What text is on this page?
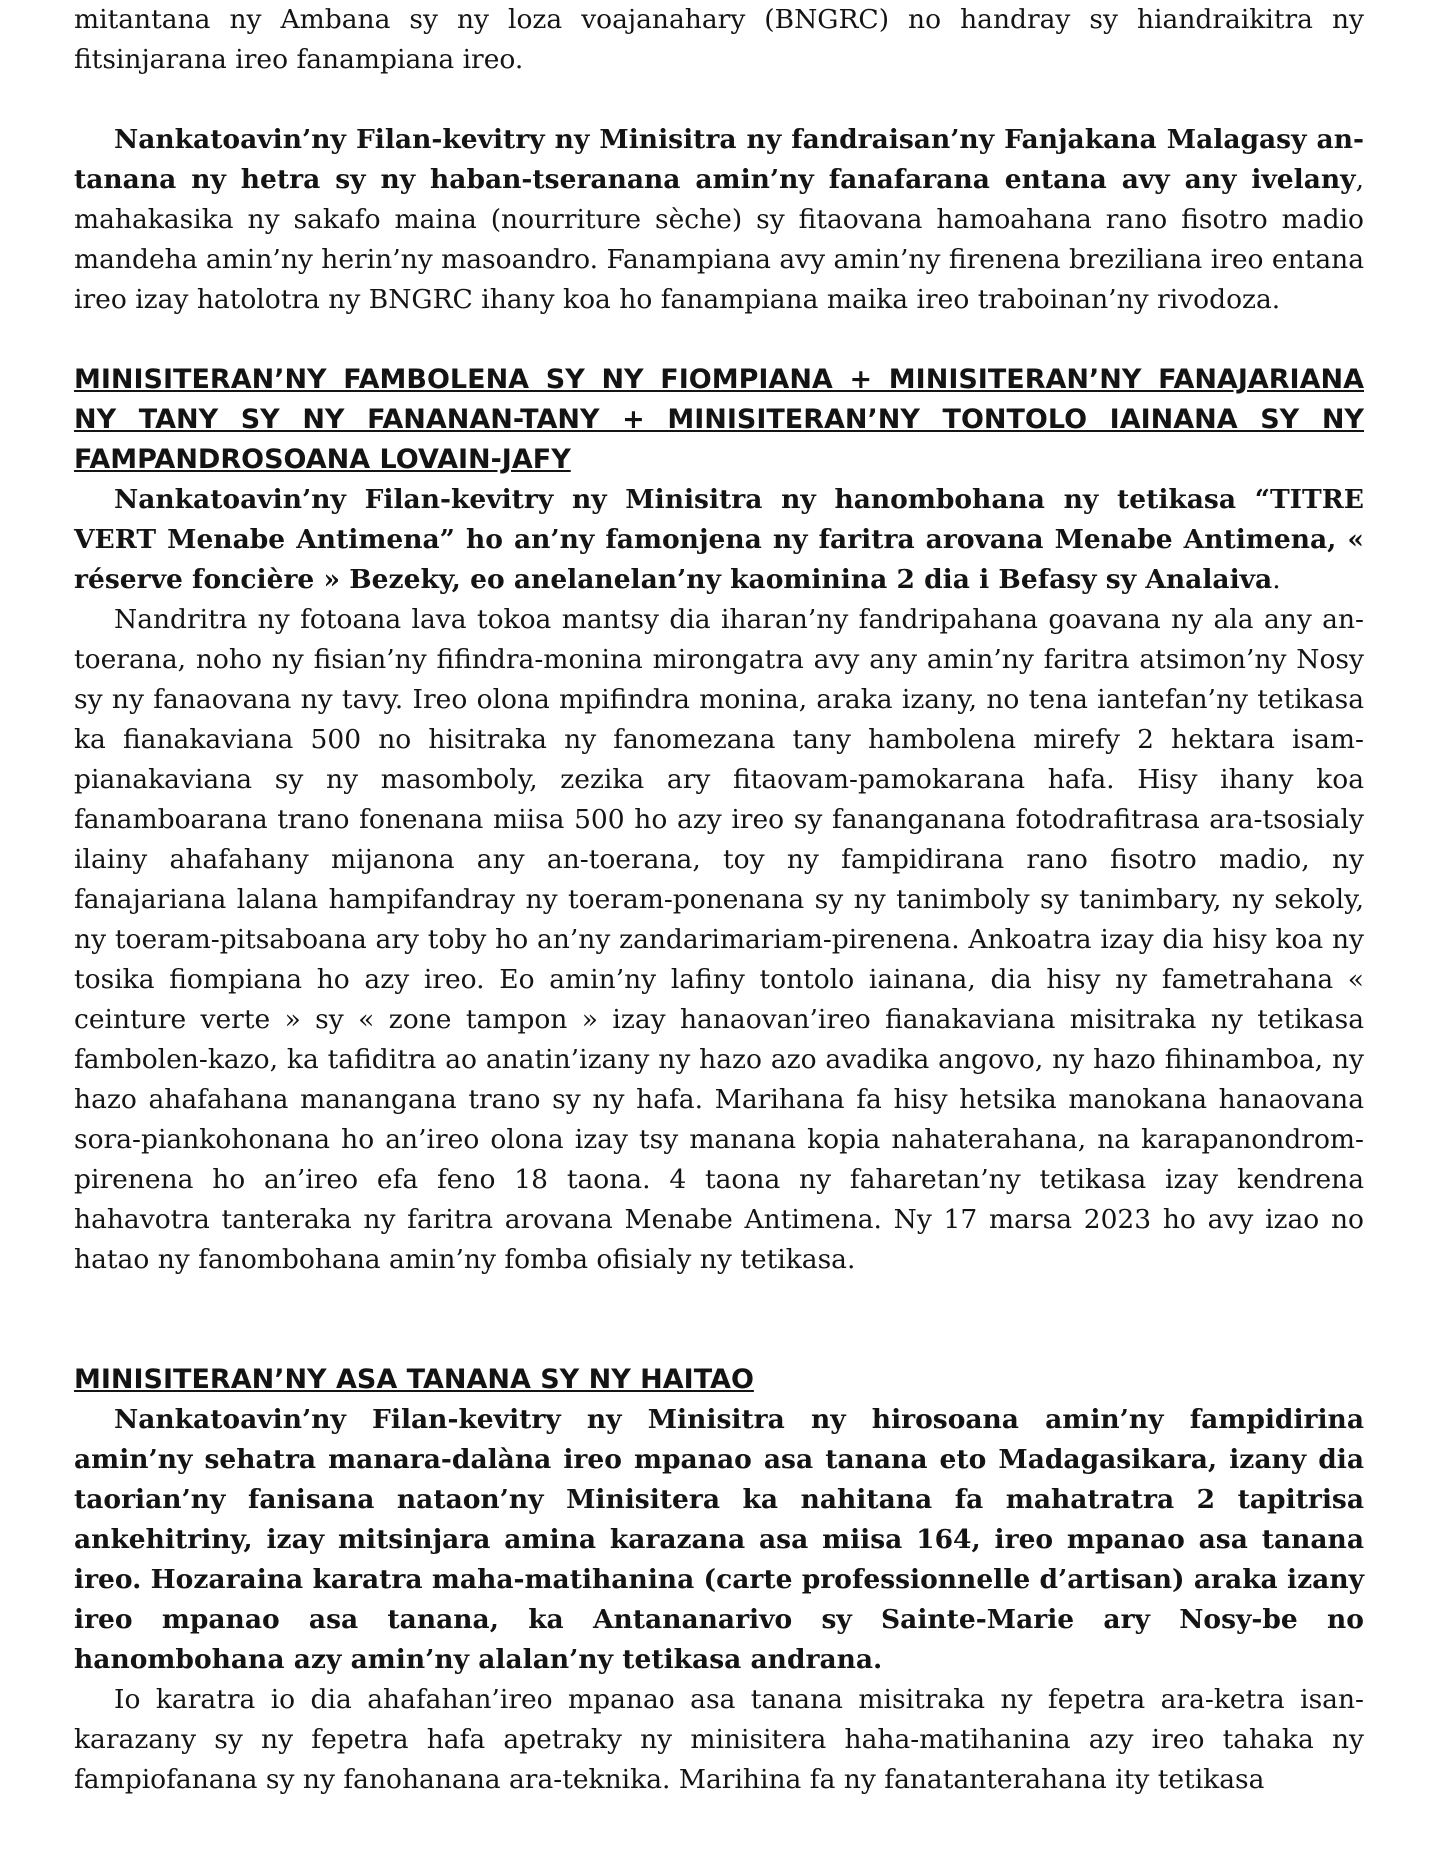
mitantana ny Ambana sy ny loza voajanahary (BNGRC) no handray sy hiandraikitra ny fitsinjarana ireo fanampiana ireo.

Nankatoavin’ny Filan-kevitry ny Minisitra ny fandraisan’ny Fanjakana Malagasy an-tanana ny hetra sy ny haban-tseranana amin’ny fanafarana entana avy any ivelany, mahakasika ny sakafo maina (nourriture sèche) sy fitaovana hamoahana rano fisotro madio mandeha amin’ny herin’ny masoandro. Fanampiana avy amin’ny firenena breziliana ireo entana ireo izay hatolotra ny BNGRC ihany koa ho fanampiana maika ireo traboinan’ny rivodoza.

MINISITERAN’NY FAMBOLENA SY NY FIOMPIANA + MINISITERAN’NY FANAJARIANA NY TANY SY NY FANANAN-TANY + MINISITERAN’NY TONTOLO IAINANA SY NY FAMPANDROSOANA LOVAIN-JAFY

Nankatoavin’ny Filan-kevitry ny Minisitra ny hanombohana ny tetikasa “TITRE VERT Menabe Antimena” ho an’ny famonjena ny faritra arovana Menabe Antimena, « réserve foncière » Bezeky, eo anelanelan’ny kaominina 2 dia i Befasy sy Analaiva.

Nandritra ny fotoana lava tokoa mantsy dia iharan’ny fandripahana goavana ny ala any an-toerana, noho ny fisian’ny fifindra-monina mirongatra avy any amin’ny faritra atsimon’ny Nosy sy ny fanaovana ny tavy. Ireo olona mpifindra monina, araka izany, no tena iantefan’ny tetikasa ka fianakaviana 500 no hisitraka ny fanomezana tany hambolena mirefy 2 hektara isam-pianakaviana sy ny masomboly, zezika ary fitaovam-pamokarana hafa. Hisy ihany koa fanamboarana trano fonenana miisa 500 ho azy ireo sy fananganana fotodrafitrasa ara-tsosialy ilainy ahafahany mijanona any an-toerana, toy ny fampidirana rano fisotro madio, ny fanajariana lalana hampifandray ny toeram-ponenana sy ny tanimboly sy tanimbary, ny sekoly, ny toeram-pitsaboana ary toby ho an’ny zandarimariam-pirenena. Ankoatra izay dia hisy koa ny tosika fiompiana ho azy ireo. Eo amin’ny lafiny tontolo iainana, dia hisy ny fametrahana « ceinture verte » sy « zone tampon » izay hanaovan’ireo fianakaviana misitraka ny tetikasa fambolen-kazo, ka tafiditra ao anatin’izany ny hazo azo avadika angovo, ny hazo fihinamboa, ny hazo ahafahana manangana trano sy ny hafa. Marihana fa hisy hetsika manokana hanaovana sora-piankohonana ho an’ireo olona izay tsy manana kopia nahaterahana, na karapanondrom-pirenena ho an’ireo efa feno 18 taona. 4 taona ny faharetan’ny tetikasa izay kendrena hahavotra tanteraka ny faritra arovana Menabe Antimena. Ny 17 marsa 2023 ho avy izao no hatao ny fanombohana amin’ny fomba ofisialy ny tetikasa.

MINISITERAN’NY ASA TANANA SY NY HAITAO

Nankatoavin’ny Filan-kevitry ny Minisitra ny hirosoana amin’ny fampidirina amin’ny sehatra manara-dalàna ireo mpanao asa tanana eto Madagasikara, izany dia taorian’ny fanisana nataon’ny Minisitera ka nahitana fa mahatratra 2 tapitrisa ankehitriny, izay mitsinjara amina karazana asa miisa 164, ireo mpanao asa tanana ireo. Hozaraina karatra maha-matihanina (carte professionnelle d’artisan) araka izany ireo mpanao asa tanana, ka Antananarivo sy Sainte-Marie ary Nosy-be no hanombohana azy amin’ny alalan’ny tetikasa andrana.

Io karatra io dia ahafahan’ireo mpanao asa tanana misitraka ny fepetra ara-ketra isan-karazany sy ny fepetra hafa apetraky ny minisitera haha-matihanina azy ireo tahaka ny fampiofanana sy ny fanohanana ara-teknika. Marihina fa ny fanatanterahana ity tetikasa
